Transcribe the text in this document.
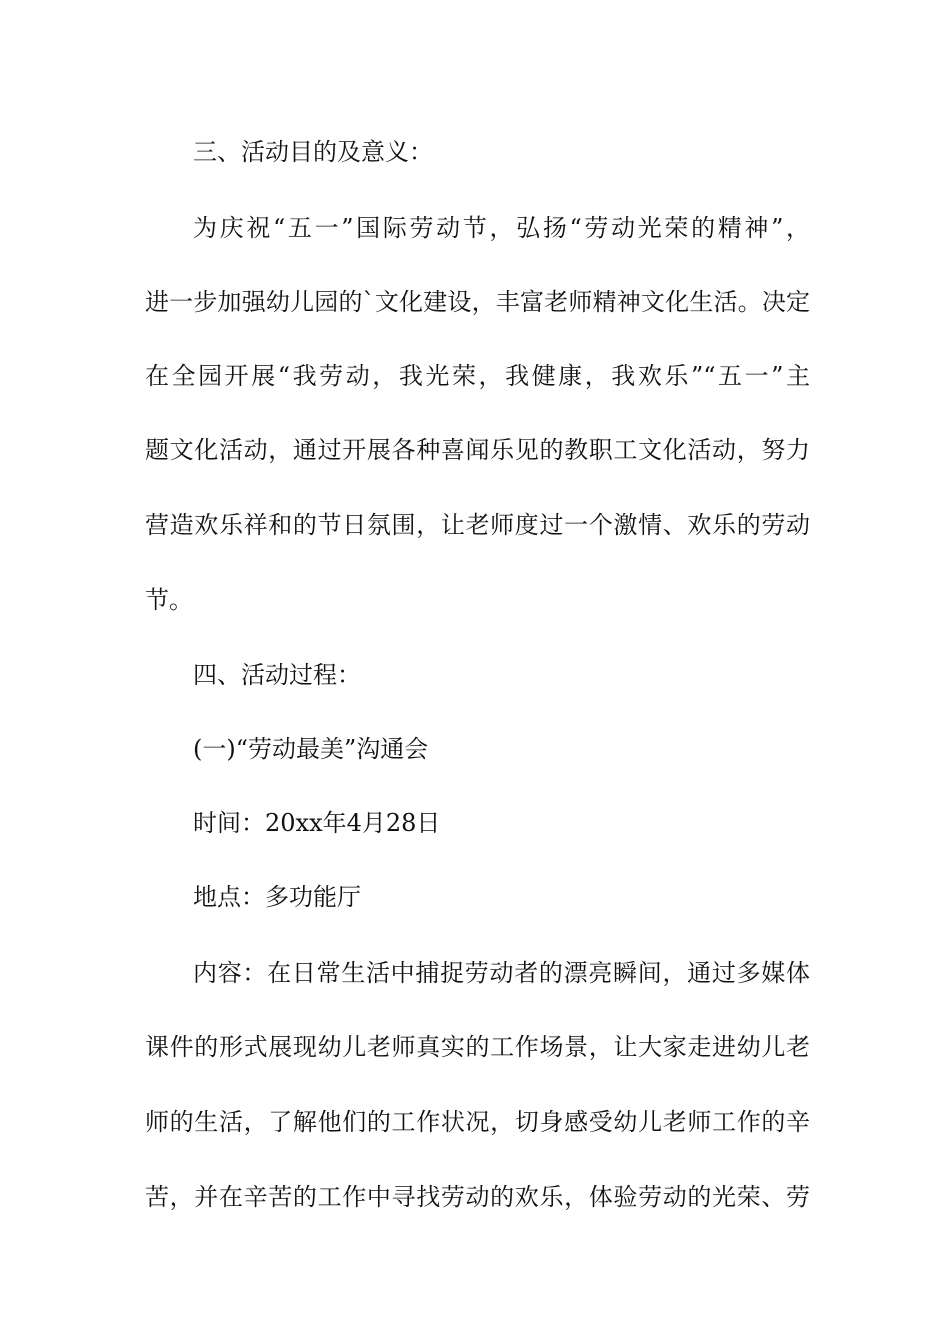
三、活动目的及意义：
为庆祝“五一”国际劳动节，弘扬“劳动光荣的精神”，
进一步加强幼儿园的`文化建设，丰富老师精神文化生活。决定
在全园开展“我劳动，我光荣，我健康，我欢乐”“五一”主
题文化活动，通过开展各种喜闻乐见的教职工文化活动，努力
营造欢乐祥和的节日氛围，让老师度过一个激情、欢乐的劳动
节。
四、活动过程：
(一)“劳动最美”沟通会
时间：20xx年4月28日
地点：多功能厅
内容：在日常生活中捕捉劳动者的漂亮瞬间，通过多媒体
课件的形式展现幼儿老师真实的工作场景，让大家走进幼儿老
师的生活，了解他们的工作状况，切身感受幼儿老师工作的辛
苦，并在辛苦的工作中寻找劳动的欢乐，体验劳动的光荣、劳
